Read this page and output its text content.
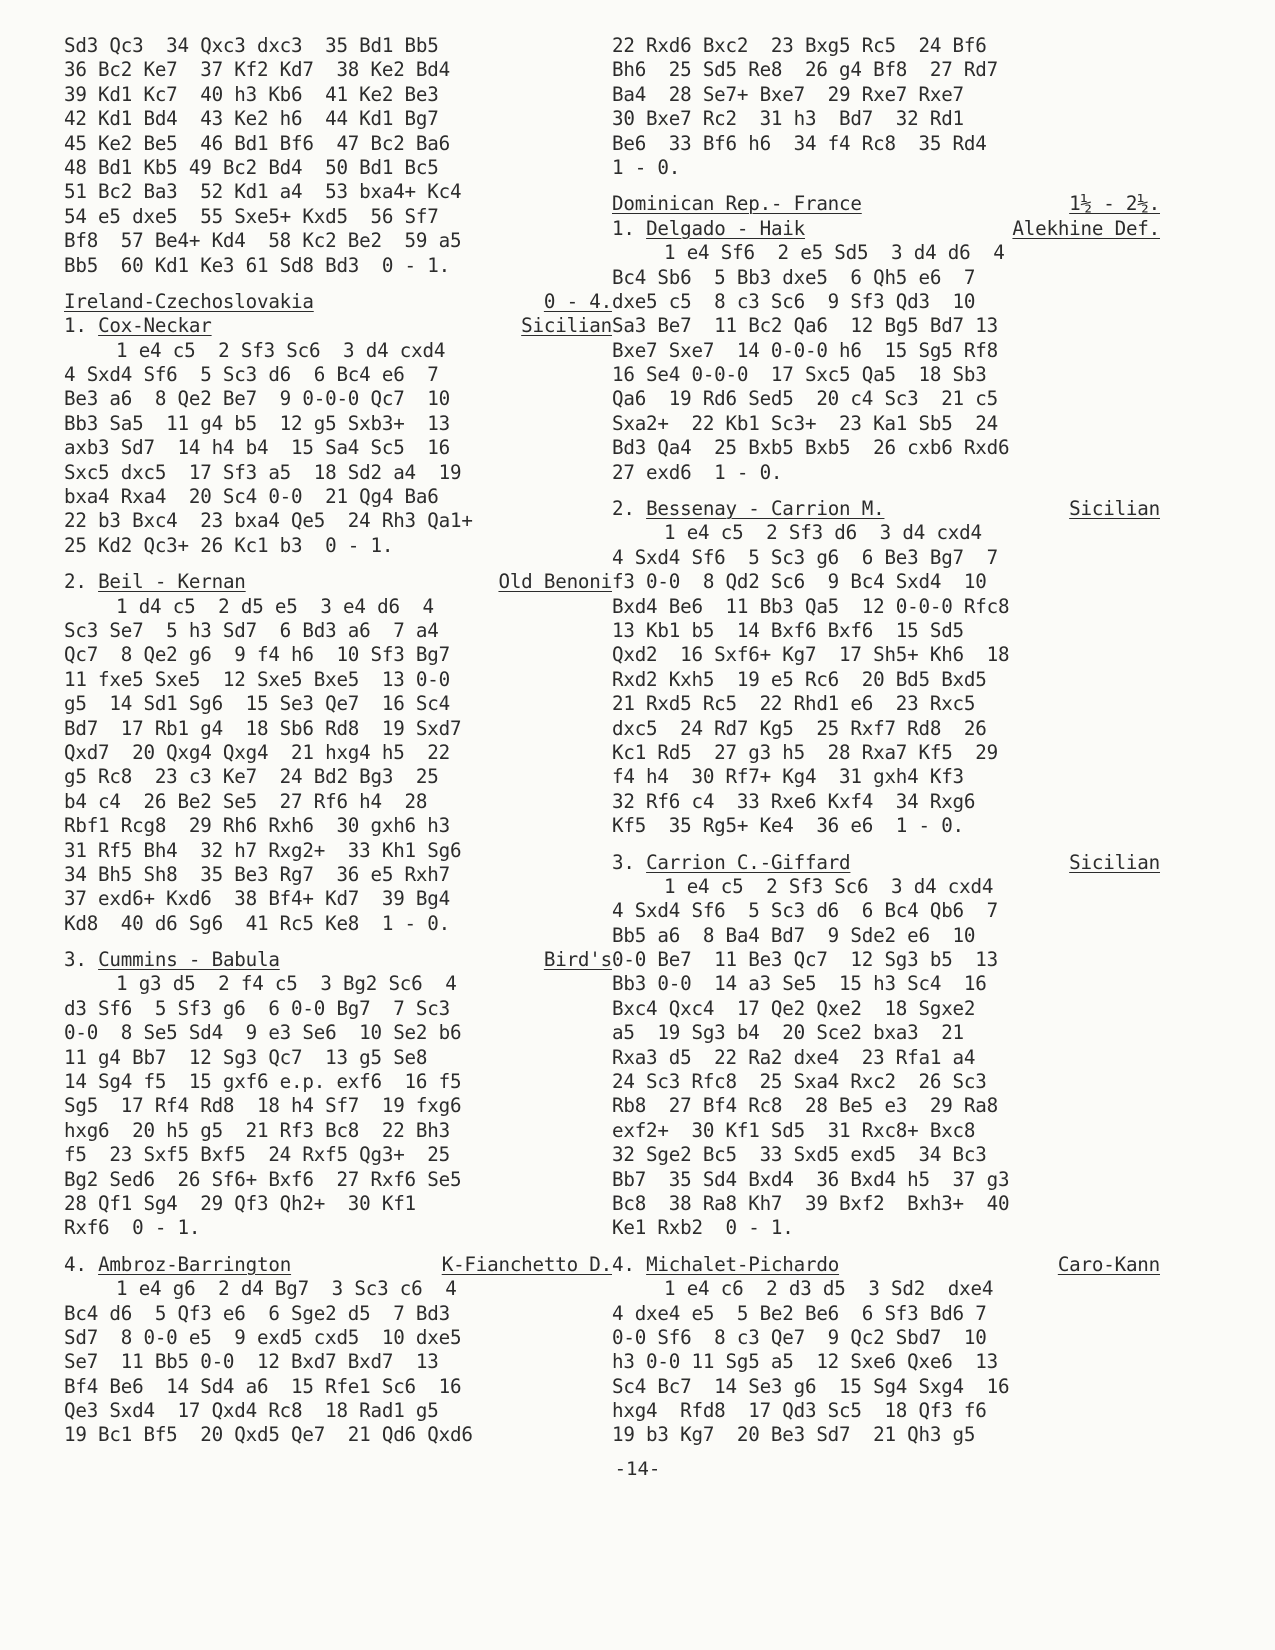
Sd3 Qc3  34 Qxc3 dxc3  35 Bd1 Bb5
36 Bc2 Ke7  37 Kf2 Kd7  38 Ke2 Bd4
39 Kd1 Kc7  40 h3 Kb6  41 Ke2 Be3
42 Kd1 Bd4  43 Ke2 h6  44 Kd1 Bg7
45 Ke2 Be5  46 Bd1 Bf6  47 Bc2 Ba6
48 Bd1 Kb5 49 Bc2 Bd4  50 Bd1 Bc5
51 Bc2 Ba3  52 Kd1 a4  53 bxa4+ Kc4
54 e5 dxe5  55 Sxe5+ Kxd5  56 Sf7
Bf8  57 Be4+ Kd4  58 Kc2 Be2  59 a5
Bb5  60 Kd1 Ke3 61 Sd8 Bd3  0 - 1.
Ireland-Czechoslovakia	0 - 4.
1. Cox-Neckar	Sicilian
1 e4 c5  2 Sf3 Sc6  3 d4 cxd4
4 Sxd4 Sf6  5 Sc3 d6  6 Bc4 e6  7
Be3 a6  8 Qe2 Be7  9 0-0-0 Qc7  10
Bb3 Sa5  11 g4 b5  12 g5 Sxb3+  13
axb3 Sd7  14 h4 b4  15 Sa4 Sc5  16
Sxc5 dxc5  17 Sf3 a5  18 Sd2 a4  19
bxa4 Rxa4  20 Sc4 0-0  21 Qg4 Ba6
22 b3 Bxc4  23 bxa4 Qe5  24 Rh3 Qa1+
25 Kd2 Qc3+ 26 Kc1 b3  0 - 1.
2. Beil - Kernan	Old Benoni
1 d4 c5  2 d5 e5  3 e4 d6  4
Sc3 Se7  5 h3 Sd7  6 Bd3 a6  7 a4
Qc7  8 Qe2 g6  9 f4 h6  10 Sf3 Bg7
11 fxe5 Sxe5  12 Sxe5 Bxe5  13 0-0
g5  14 Sd1 Sg6  15 Se3 Qe7  16 Sc4
Bd7  17 Rb1 g4  18 Sb6 Rd8  19 Sxd7
Qxd7  20 Qxg4 Qxg4  21 hxg4 h5  22
g5 Rc8  23 c3 Ke7  24 Bd2 Bg3  25
b4 c4  26 Be2 Se5  27 Rf6 h4  28
Rbf1 Rcg8  29 Rh6 Rxh6  30 gxh6 h3
31 Rf5 Bh4  32 h7 Rxg2+  33 Kh1 Sg6
34 Bh5 Sh8  35 Be3 Rg7  36 e5 Rxh7
37 exd6+ Kxd6  38 Bf4+ Kd7  39 Bg4
Kd8  40 d6 Sg6  41 Rc5 Ke8  1 - 0.
3. Cummins - Babula	Bird's
1 g3 d5  2 f4 c5  3 Bg2 Sc6  4
d3 Sf6  5 Sf3 g6  6 0-0 Bg7  7 Sc3
0-0  8 Se5 Sd4  9 e3 Se6  10 Se2 b6
11 g4 Bb7  12 Sg3 Qc7  13 g5 Se8
14 Sg4 f5  15 gxf6 e.p. exf6  16 f5
Sg5  17 Rf4 Rd8  18 h4 Sf7  19 fxg6
hxg6  20 h5 g5  21 Rf3 Bc8  22 Bh3
f5  23 Sxf5 Bxf5  24 Rxf5 Qg3+  25
Bg2 Sed6  26 Sf6+ Bxf6  27 Rxf6 Se5
28 Qf1 Sg4  29 Qf3 Qh2+  30 Kf1
Rxf6  0 - 1.
4. Ambroz-Barrington	K-Fianchetto D.
1 e4 g6  2 d4 Bg7  3 Sc3 c6  4
Bc4 d6  5 Qf3 e6  6 Sge2 d5  7 Bd3
Sd7  8 0-0 e5  9 exd5 cxd5  10 dxe5
Se7  11 Bb5 0-0  12 Bxd7 Bxd7  13
Bf4 Be6  14 Sd4 a6  15 Rfe1 Sc6  16
Qe3 Sxd4  17 Qxd4 Rc8  18 Rad1 g5
19 Bc1 Bf5  20 Qxd5 Qe7  21 Qd6 Qxd6
22 Rxd6 Bxc2  23 Bxg5 Rc5  24 Bf6
Bh6  25 Sd5 Re8  26 g4 Bf8  27 Rd7
Ba4  28 Se7+ Bxe7  29 Rxe7 Rxe7
30 Bxe7 Rc2  31 h3  Bd7  32 Rd1
Be6  33 Bf6 h6  34 f4 Rc8  35 Rd4
1 - 0.
Dominican Rep.- France	1½ - 2½.
1. Delgado - Haik	Alekhine Def.
1 e4 Sf6  2 e5 Sd5  3 d4 d6  4
Bc4 Sb6  5 Bb3 dxe5  6 Qh5 e6  7
dxe5 c5  8 c3 Sc6  9 Sf3 Qd3  10
Sa3 Be7  11 Bc2 Qa6  12 Bg5 Bd7 13
Bxe7 Sxe7  14 0-0-0 h6  15 Sg5 Rf8
16 Se4 0-0-0  17 Sxc5 Qa5  18 Sb3
Qa6  19 Rd6 Sed5  20 c4 Sc3  21 c5
Sxa2+  22 Kb1 Sc3+  23 Ka1 Sb5  24
Bd3 Qa4  25 Bxb5 Bxb5  26 cxb6 Rxd6
27 exd6  1 - 0.
2. Bessenay - Carrion M.	Sicilian
1 e4 c5  2 Sf3 d6  3 d4 cxd4
4 Sxd4 Sf6  5 Sc3 g6  6 Be3 Bg7  7
f3 0-0  8 Qd2 Sc6  9 Bc4 Sxd4  10
Bxd4 Be6  11 Bb3 Qa5  12 0-0-0 Rfc8
13 Kb1 b5  14 Bxf6 Bxf6  15 Sd5
Qxd2  16 Sxf6+ Kg7  17 Sh5+ Kh6  18
Rxd2 Kxh5  19 e5 Rc6  20 Bd5 Bxd5
21 Rxd5 Rc5  22 Rhd1 e6  23 Rxc5
dxc5  24 Rd7 Kg5  25 Rxf7 Rd8  26
Kc1 Rd5  27 g3 h5  28 Rxa7 Kf5  29
f4 h4  30 Rf7+ Kg4  31 gxh4 Kf3
32 Rf6 c4  33 Rxe6 Kxf4  34 Rxg6
Kf5  35 Rg5+ Ke4  36 e6  1 - 0.
3. Carrion C.-Giffard	Sicilian
1 e4 c5  2 Sf3 Sc6  3 d4 cxd4
4 Sxd4 Sf6  5 Sc3 d6  6 Bc4 Qb6  7
Bb5 a6  8 Ba4 Bd7  9 Sde2 e6  10
0-0 Be7  11 Be3 Qc7  12 Sg3 b5  13
Bb3 0-0  14 a3 Se5  15 h3 Sc4  16
Bxc4 Qxc4  17 Qe2 Qxe2  18 Sgxe2
a5  19 Sg3 b4  20 Sce2 bxa3  21
Rxa3 d5  22 Ra2 dxe4  23 Rfa1 a4
24 Sc3 Rfc8  25 Sxa4 Rxc2  26 Sc3
Rb8  27 Bf4 Rc8  28 Be5 e3  29 Ra8
exf2+  30 Kf1 Sd5  31 Rxc8+ Bxc8
32 Sge2 Bc5  33 Sxd5 exd5  34 Bc3
Bb7  35 Sd4 Bxd4  36 Bxd4 h5  37 g3
Bc8  38 Ra8 Kh7  39 Bxf2  Bxh3+  40
Ke1 Rxb2  0 - 1.
4. Michalet-Pichardo	Caro-Kann
1 e4 c6  2 d3 d5  3 Sd2  dxe4
4 dxe4 e5  5 Be2 Be6  6 Sf3 Bd6 7
0-0 Sf6  8 c3 Qe7  9 Qc2 Sbd7  10
h3 0-0 11 Sg5 a5  12 Sxe6 Qxe6  13
Sc4 Bc7  14 Se3 g6  15 Sg4 Sxg4  16
hxg4  Rfd8  17 Qd3 Sc5  18 Qf3 f6
19 b3 Kg7  20 Be3 Sd7  21 Qh3 g5
-14-
